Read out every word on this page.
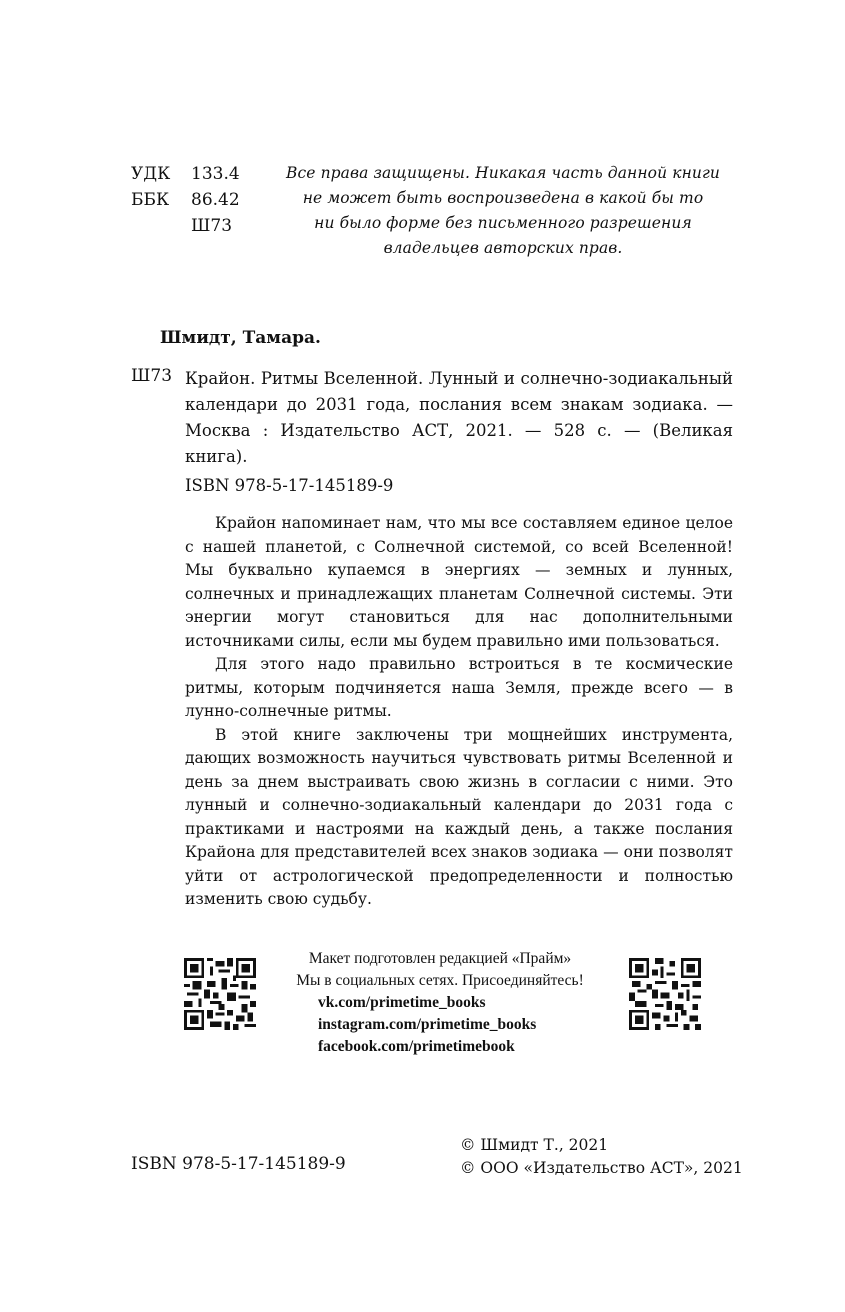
УДК	133.4
ББК	86.42
Ш73
Все права защищены. Никакая часть данной книги
не может быть воспроизведена в какой бы то
ни было форме без письменного разрешения
владельцев авторских прав.
Шмидт, Тамара.
Ш73 Крайон. Ритмы Вселенной. Лунный и солнечно-зодиакальный календари до 2031 года, послания всем знакам зодиака. — Москва : Издательство АСТ, 2021. — 528 с. — (Великая книга).
ISBN 978-5-17-145189-9

Крайон напоминает нам, что мы все составляем единое целое с нашей планетой, с Солнечной системой, со всей Вселенной! Мы буквально купаемся в энергиях — земных и лунных, солнечных и принадлежащих планетам Солнечной системы. Эти энергии могут становиться для нас дополнительными источниками силы, если мы будем правильно ими пользоваться.

Для этого надо правильно встроиться в те космические ритмы, которым подчиняется наша Земля, прежде всего — в лунно-солнечные ритмы.

В этой книге заключены три мощнейших инструмента, дающих возможность научиться чувствовать ритмы Вселенной и день за днем выстраивать свою жизнь в согласии с ними. Это лунный и солнечно-зодиакальный календари до 2031 года с практиками и настроями на каждый день, а также послания Крайона для представителей всех знаков зодиака — они позволят уйти от астрологической предопределенности и полностью изменить свою судьбу.

Макет подготовлен редакцией «Прайм»
Мы в социальных сетях. Присоединяйтесь!
vk.com/primetime_books
instagram.com/primetime_books
facebook.com/primetimebook
ISBN 978-5-17-145189-9
© Шмидт Т., 2021
© ООО «Издательство АСТ», 2021
